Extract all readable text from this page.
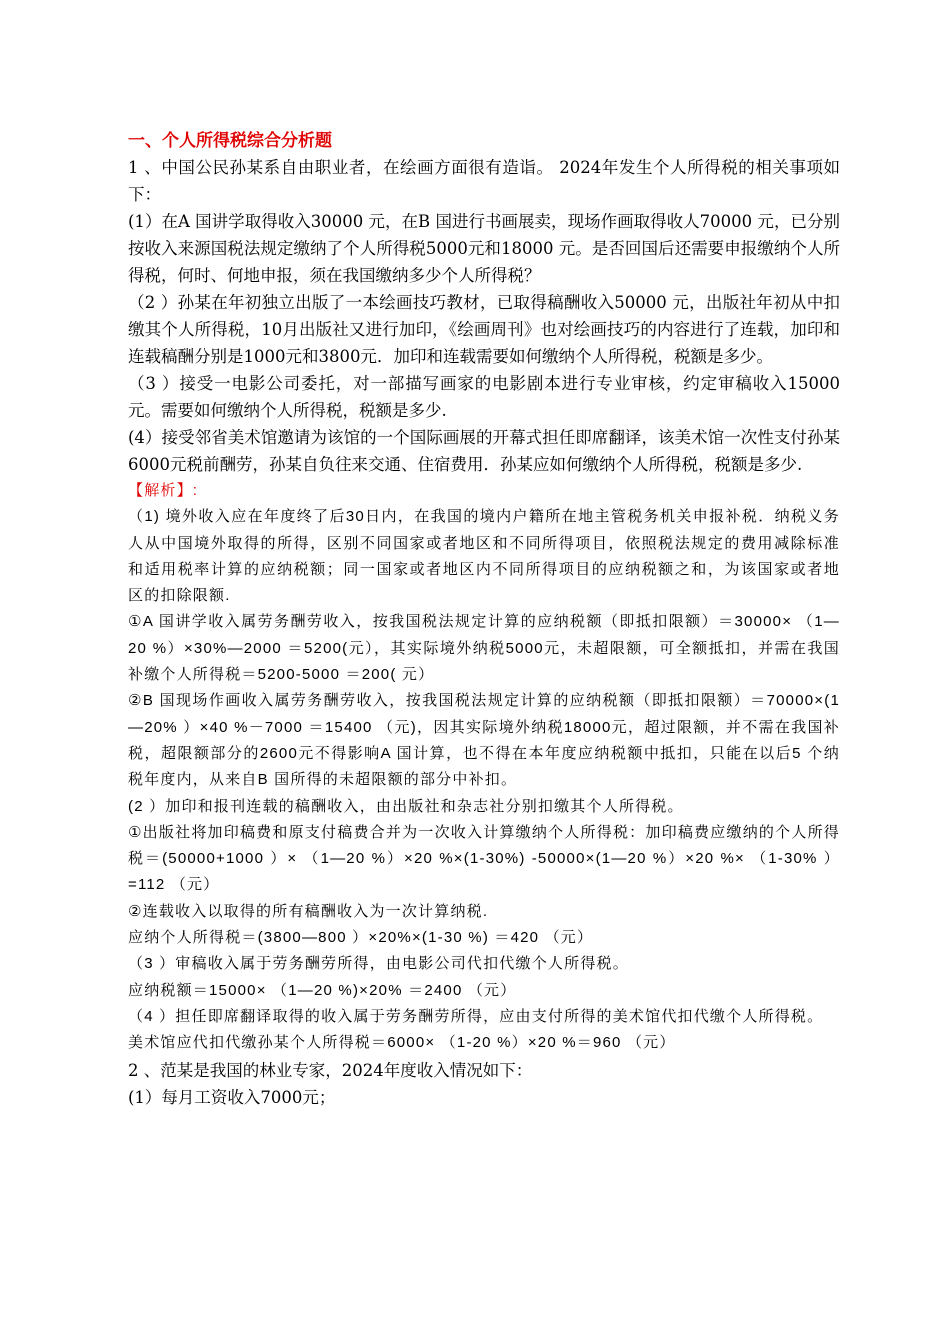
一、个人所得税综合分析题

1 、中国公民孙某系自由职业者，在绘画方面很有造诣。 2024年发生个人所得税的相关事项如下：

(1）在A 国讲学取得收入30000 元，在B 国进行书画展卖，现场作画取得收人70000 元，已分别按收入来源国税法规定缴纳了个人所得税5000元和18000 元。是否回国后还需要申报缴纳个人所得税，何时、何地申报，须在我国缴纳多少个人所得税？

（2 ）孙某在年初独立出版了一本绘画技巧教材，已取得稿酬收入50000 元，出版社年初从中扣缴其个人所得税，10月出版社又进行加印，《绘画周刊》也对绘画技巧的内容进行了连载，加印和连载稿酬分别是1000元和3800元．加印和连载需要如何缴纳个人所得税，税额是多少。

（3 ）接受一电影公司委托，对一部描写画家的电影剧本进行专业审核，约定审稿收入15000 元。需要如何缴纳个人所得税，税额是多少.

(4）接受邻省美术馆邀请为该馆的一个国际画展的开幕式担任即席翻译，该美术馆一次性支付孙某6000元税前酬劳，孙某自负往来交通、住宿费用．孙某应如何缴纳个人所得税，税额是多少.

【解析】:

（1) 境外收入应在年度终了后30日内，在我国的境内户籍所在地主管税务机关申报补税．纳税义务人从中国境外取得的所得，区别不同国家或者地区和不同所得项目，依照税法规定的费用减除标准和适用税率计算的应纳税额；同一国家或者地区内不同所得项目的应纳税额之和，为该国家或者地区的扣除限额.

①A 国讲学收入属劳务酬劳收入，按我国税法规定计算的应纳税额（即抵扣限额）＝30000× （1—20 %）×30%—2000 ＝5200(元），其实际境外纳税5000元，未超限额，可全额抵扣，并需在我国补缴个人所得税＝5200-5000 ＝200( 元）

②B 国现场作画收入属劳务酬劳收入，按我国税法规定计算的应纳税额（即抵扣限额）＝70000×(1—20% ）×40 %－7000 ＝15400 （元)，因其实际境外纳税18000元，超过限额，并不需在我国补税，超限额部分的2600元不得影响A 国计算，也不得在本年度应纳税额中抵扣，只能在以后5 个纳税年度内，从来自B 国所得的未超限额的部分中补扣。

(2 ）加印和报刊连载的稿酬收入，由出版社和杂志社分别扣缴其个人所得税。

①出版社将加印稿费和原支付稿费合并为一次收入计算缴纳个人所得税：加印稿费应缴纳的个人所得税＝(50000+1000 ）× （1—20 %）×20 %×(1-30%) -50000×(1—20 %）×20 %× （1-30% ）=112 （元）

②连载收入以取得的所有稿酬收入为一次计算纳税.

应纳个人所得税＝(3800—800 ）×20%×(1-30 %) ＝420 （元）

（3 ）审稿收入属于劳务酬劳所得，由电影公司代扣代缴个人所得税。

应纳税额＝15000× （1—20 %)×20% ＝2400 （元）

（4 ）担任即席翻译取得的收入属于劳务酬劳所得，应由支付所得的美术馆代扣代缴个人所得税。

美术馆应代扣代缴孙某个人所得税＝6000× （1-20 %）×20 %＝960 （元）

2 、范某是我国的林业专家，2024年度收入情况如下：

(1）每月工资收入7000元；
